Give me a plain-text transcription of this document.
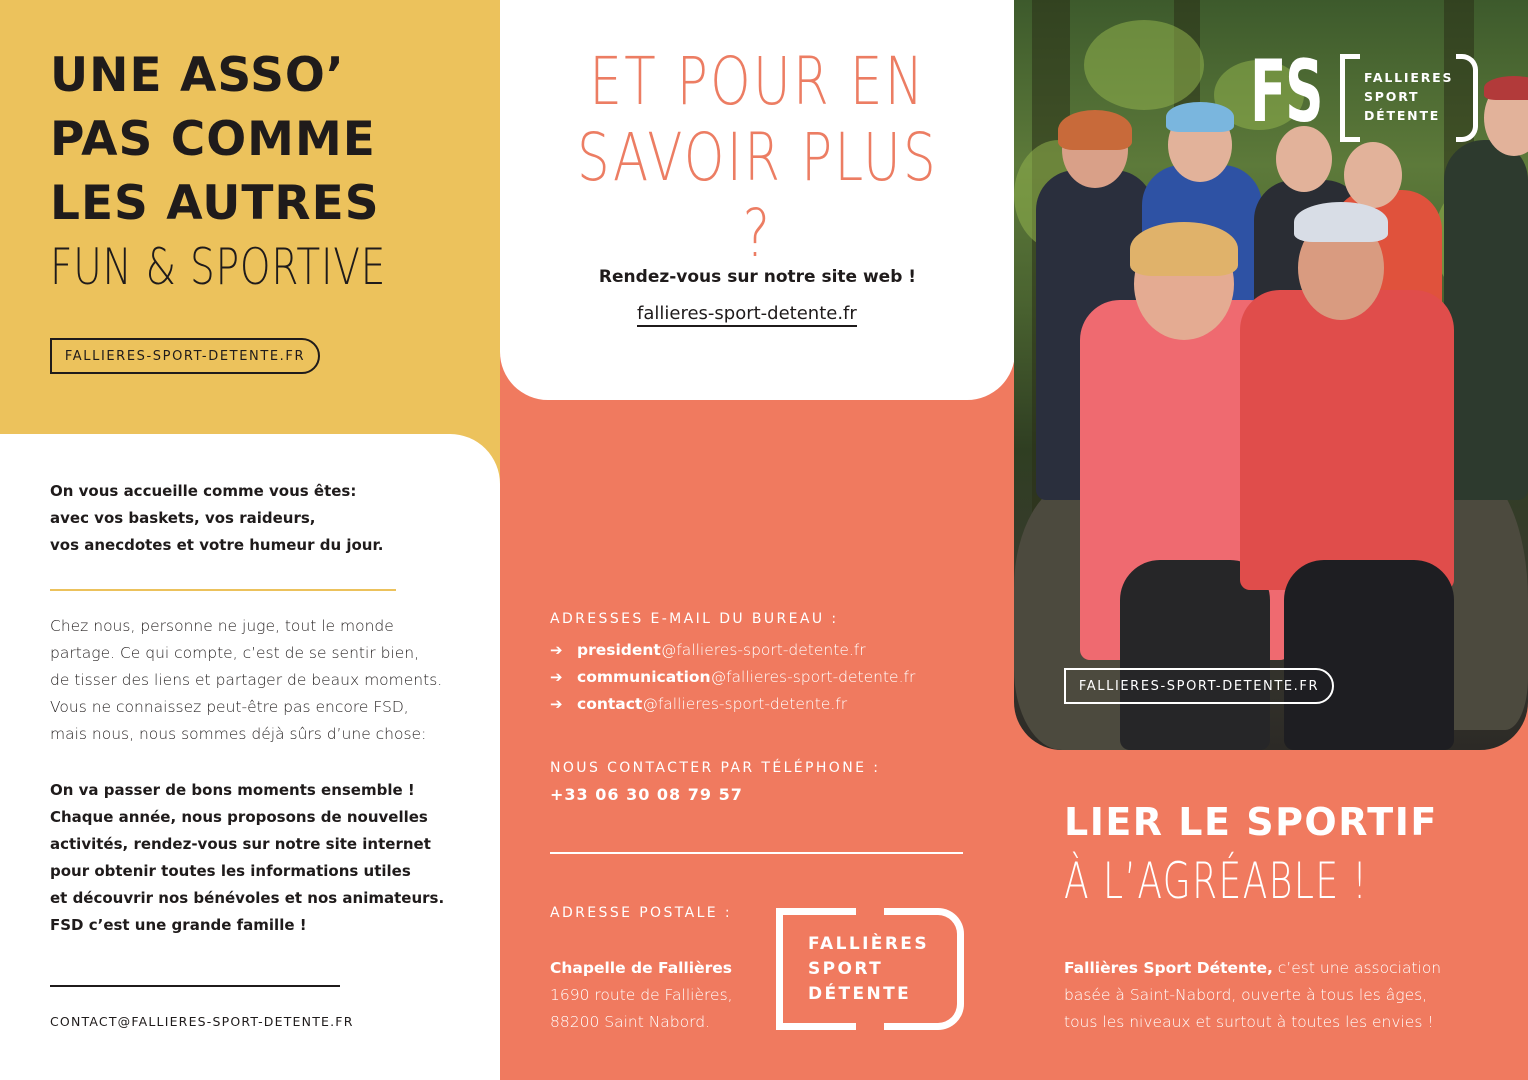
UNE ASSO’
PAS COMME
LES AUTRES
FUN & SPORTIVE
FALLIERES-SPORT-DETENTE.FR

On vous accueille comme vous êtes:
avec vos baskets, vos raideurs,
vos anecdotes et votre humeur du jour.

Chez nous, personne ne juge, tout le monde
partage. Ce qui compte, c’est de se sentir bien,
de tisser des liens et partager de beaux moments.
Vous ne connaissez peut-être pas encore FSD,
mais nous, nous sommes déjà sûrs d’une chose:

On va passer de bons moments ensemble !
Chaque année, nous proposons de nouvelles
activités, rendez-vous sur notre site internet
pour obtenir toutes les informations utiles
et découvrir nos bénévoles et nos animateurs.
FSD c’est une grande famille !

CONTACT@FALLIERES-SPORT-DETENTE.FR
ET POUR EN
SAVOIR PLUS ?
Rendez-vous sur notre site web !
fallieres-sport-detente.fr
ADRESSES E-MAIL DU BUREAU :
➔ president @fallieres-sport-detente.fr
➔ communication @fallieres-sport-detente.fr
➔ contact @fallieres-sport-detente.fr
NOUS CONTACTER PAR TÉLÉPHONE :
+33 06 30 08 79 57
ADRESSE POSTALE :

Chapelle de Fallières
1690 route de Fallières,
88200 Saint Nabord.

FALLIÈRES
SPORT
DÉTENTE

FS	FALLIERES
SPORT
DÉTENTE

FALLIERES-SPORT-DETENTE.FR
LIER LE SPORTIF
À L’AGRÉABLE !

Fallières Sport Détente, c’est une association
basée à Saint-Nabord, ouverte à tous les âges,
tous les niveaux et surtout à toutes les envies !
